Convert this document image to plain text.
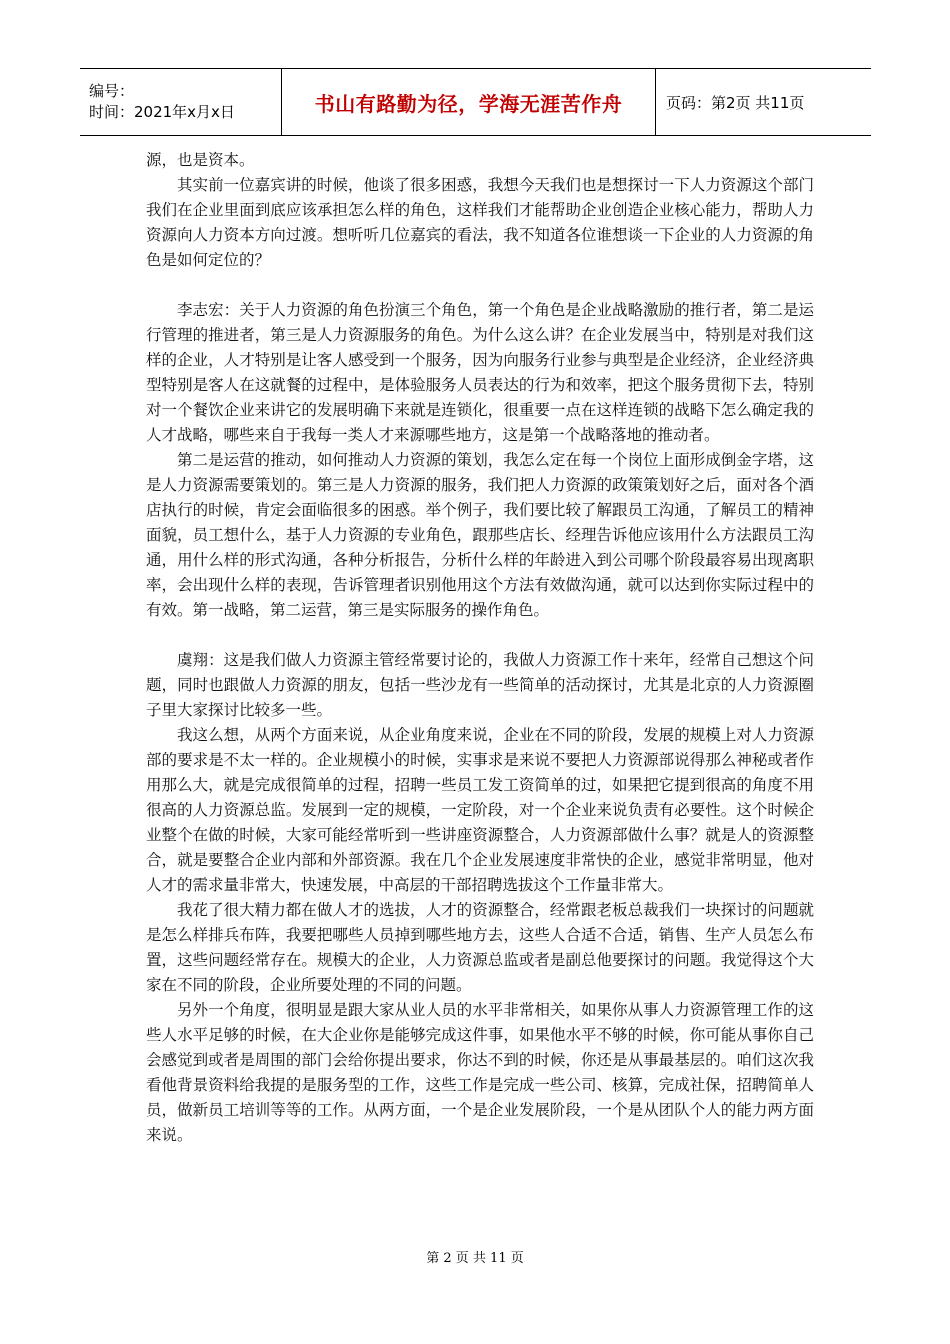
编号：
时间：2021年x月x日	书山有路勤为径，学海无涯苦作舟	页码：第2页 共11页

源，也是资本。

其实前一位嘉宾讲的时候，他谈了很多困惑，我想今天我们也是想探讨一下人力资源这个部门我们在企业里面到底应该承担怎么样的角色，这样我们才能帮助企业创造企业核心能力，帮助人力资源向人力资本方向过渡。想听听几位嘉宾的看法，我不知道各位谁想谈一下企业的人力资源的角色是如何定位的？

李志宏：关于人力资源的角色扮演三个角色，第一个角色是企业战略激励的推行者，第二是运行管理的推进者，第三是人力资源服务的角色。为什么这么讲？在企业发展当中，特别是对我们这样的企业，人才特别是让客人感受到一个服务，因为向服务行业参与典型是企业经济，企业经济典型特别是客人在这就餐的过程中，是体验服务人员表达的行为和效率，把这个服务贯彻下去，特别对一个餐饮企业来讲它的发展明确下来就是连锁化，很重要一点在这样连锁的战略下怎么确定我的人才战略，哪些来自于我每一类人才来源哪些地方，这是第一个战略落地的推动者。

第二是运营的推动，如何推动人力资源的策划，我怎么定在每一个岗位上面形成倒金字塔，这是人力资源需要策划的。第三是人力资源的服务，我们把人力资源的政策策划好之后，面对各个酒店执行的时候，肯定会面临很多的困惑。举个例子，我们要比较了解跟员工沟通，了解员工的精神面貌，员工想什么，基于人力资源的专业角色，跟那些店长、经理告诉他应该用什么方法跟员工沟通，用什么样的形式沟通，各种分析报告，分析什么样的年龄进入到公司哪个阶段最容易出现离职率，会出现什么样的表现，告诉管理者识别他用这个方法有效做沟通，就可以达到你实际过程中的有效。第一战略，第二运营，第三是实际服务的操作角色。

虞翔：这是我们做人力资源主管经常要讨论的，我做人力资源工作十来年，经常自己想这个问题，同时也跟做人力资源的朋友，包括一些沙龙有一些简单的活动探讨，尤其是北京的人力资源圈子里大家探讨比较多一些。

我这么想，从两个方面来说，从企业角度来说，企业在不同的阶段，发展的规模上对人力资源部的要求是不太一样的。企业规模小的时候，实事求是来说不要把人力资源部说得那么神秘或者作用那么大，就是完成很简单的过程，招聘一些员工发工资简单的过，如果把它提到很高的角度不用很高的人力资源总监。发展到一定的规模，一定阶段，对一个企业来说负责有必要性。这个时候企业整个在做的时候，大家可能经常听到一些讲座资源整合，人力资源部做什么事？就是人的资源整合，就是要整合企业内部和外部资源。我在几个企业发展速度非常快的企业，感觉非常明显，他对人才的需求量非常大，快速发展，中高层的干部招聘选拔这个工作量非常大。

我花了很大精力都在做人才的选拔，人才的资源整合，经常跟老板总裁我们一块探讨的问题就是怎么样排兵布阵，我要把哪些人员掉到哪些地方去，这些人合适不合适，销售、生产人员怎么布置，这些问题经常存在。规模大的企业，人力资源总监或者是副总他要探讨的问题。我觉得这个大家在不同的阶段，企业所要处理的不同的问题。

另外一个角度，很明显是跟大家从业人员的水平非常相关，如果你从事人力资源管理工作的这些人水平足够的时候，在大企业你是能够完成这件事，如果他水平不够的时候，你可能从事你自己会感觉到或者是周围的部门会给你提出要求，你达不到的时候，你还是从事最基层的。咱们这次我看他背景资料给我提的是服务型的工作，这些工作是完成一些公司、核算，完成社保，招聘简单人员，做新员工培训等等的工作。从两方面，一个是企业发展阶段，一个是从团队个人的能力两方面来说。

第 2 页 共 11 页
